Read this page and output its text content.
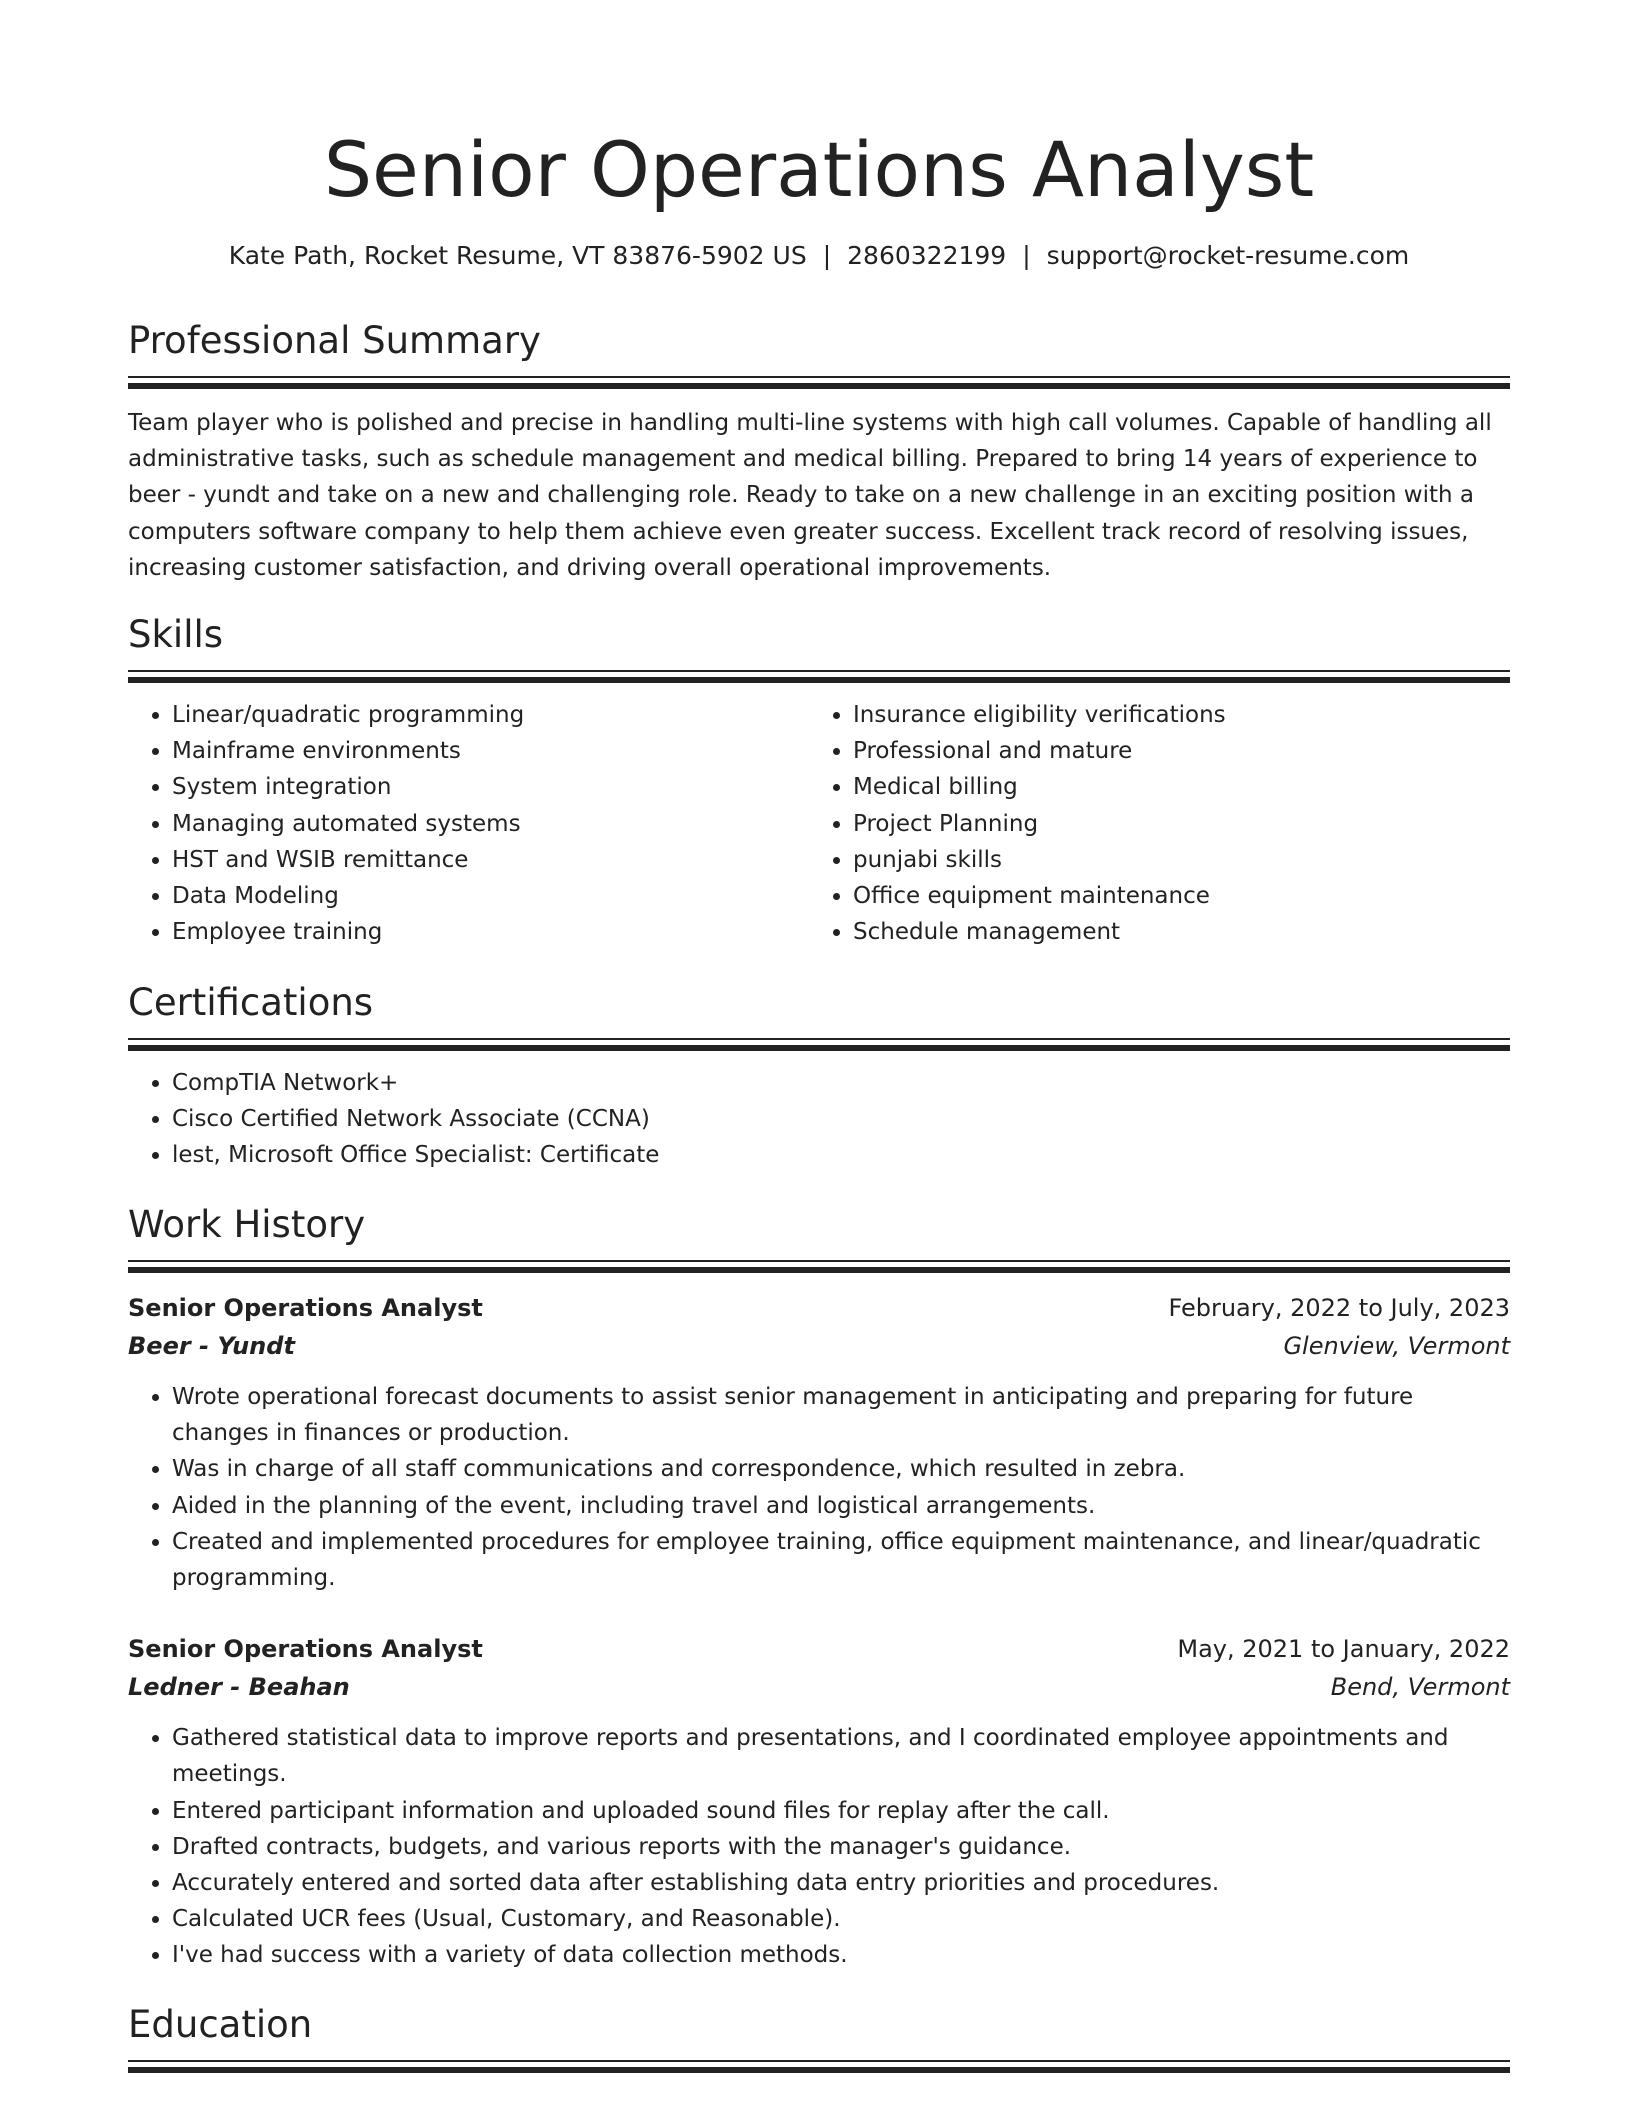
Senior Operations Analyst
Kate Path, Rocket Resume, VT 83876-5902 US | 2860322199 | support@rocket-resume.com
Professional Summary

Team player who is polished and precise in handling multi-line systems with high call volumes. Capable of handling all administrative tasks, such as schedule management and medical billing. Prepared to bring 14 years of experience to beer - yundt and take on a new and challenging role. Ready to take on a new challenge in an exciting position with a computers software company to help them achieve even greater success. Excellent track record of resolving issues, increasing customer satisfaction, and driving overall operational improvements.

Skills
• Linear/quadratic programming
• Mainframe environments
• System integration
• Managing automated systems
• HST and WSIB remittance
• Data Modeling
• Employee training
• Insurance eligibility verifications
• Professional and mature
• Medical billing
• Project Planning
• punjabi skills
• Office equipment maintenance
• Schedule management
Certifications
• CompTIA Network+
• Cisco Certified Network Associate (CCNA)
• lest, Microsoft Office Specialist: Certificate
Work History
Senior Operations Analyst	February, 2022 to July, 2023
Beer - Yundt	Glenview, Vermont
• Wrote operational forecast documents to assist senior management in anticipating and preparing for future changes in finances or production.
• Was in charge of all staff communications and correspondence, which resulted in zebra.
• Aided in the planning of the event, including travel and logistical arrangements.
• Created and implemented procedures for employee training, office equipment maintenance, and linear/quadratic programming.
Senior Operations Analyst	May, 2021 to January, 2022
Ledner - Beahan	Bend, Vermont
• Gathered statistical data to improve reports and presentations, and I coordinated employee appointments and meetings.
• Entered participant information and uploaded sound files for replay after the call.
• Drafted contracts, budgets, and various reports with the manager's guidance.
• Accurately entered and sorted data after establishing data entry priorities and procedures.
• Calculated UCR fees (Usual, Customary, and Reasonable).
• I've had success with a variety of data collection methods.
Education
